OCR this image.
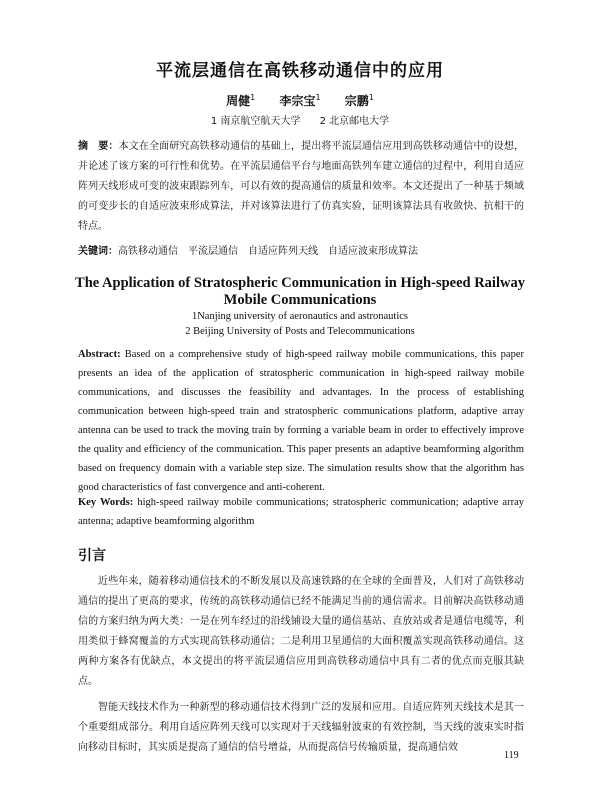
平流层通信在高铁移动通信中的应用
周健$^1$ 李宗宝$^1$ 宗鹏$^1$
1 南京航空航天大学 2 北京邮电大学
摘　要：本文在全面研究高铁移动通信的基础上，提出将平流层通信应用到高铁移动通信中的设想，并论述了该方案的可行性和优势。在平流层通信平台与地面高铁列车建立通信的过程中，利用自适应阵列天线形成可变的波束跟踪列车，可以有效的提高通信的质量和效率。本文还提出了一种基于频域的可变步长的自适应波束形成算法，并对该算法进行了仿真实验，证明该算法具有收敛快、抗相干的特点。
关键词：高铁移动通信　平流层通信　自适应阵列天线　自适应波束形成算法
The Application of Stratospheric Communication in High-speed Railway Mobile Communications
1Nanjing university of aeronautics and astronautics
2 Beijing University of Posts and Telecommunications
Abstract: Based on a comprehensive study of high-speed railway mobile communications, this paper presents an idea of the application of stratospheric communication in high-speed railway mobile communications, and discusses the feasibility and advantages. In the process of establishing communication between high-speed train and stratospheric communications platform, adaptive array antenna can be used to track the moving train by forming a variable beam in order to effectively improve the quality and efficiency of the communication. This paper presents an adaptive beamforming algorithm based on frequency domain with a variable step size. The simulation results show that the algorithm has good characteristics of fast convergence and anti-coherent.
Key Words: high-speed railway mobile communications; stratospheric communication; adaptive array antenna; adaptive beamforming algorithm
引言

近些年来，随着移动通信技术的不断发展以及高速铁路的在全球的全面普及，人们对了高铁移动通信的提出了更高的要求，传统的高铁移动通信已经不能满足当前的通信需求。目前解决高铁移动通信的方案归纳为两大类：一是在列车经过的沿线铺设大量的通信基站、直放站或者是通信电缆等，利用类似于蜂窝覆盖的方式实现高铁移动通信；二是利用卫星通信的大面积覆盖实现高铁移动通信。这两种方案各有优缺点，本文提出的将平流层通信应用到高铁移动通信中具有二者的优点而克服其缺点。

智能天线技术作为一种新型的移动通信技术得到广泛的发展和应用。自适应阵列天线技术是其一个重要组成部分。利用自适应阵列天线可以实现对于天线辐射波束的有效控制，当天线的波束实时指向移动目标时，其实质是提高了通信的信号增益，从而提高信号传输质量，提高通信效

119
